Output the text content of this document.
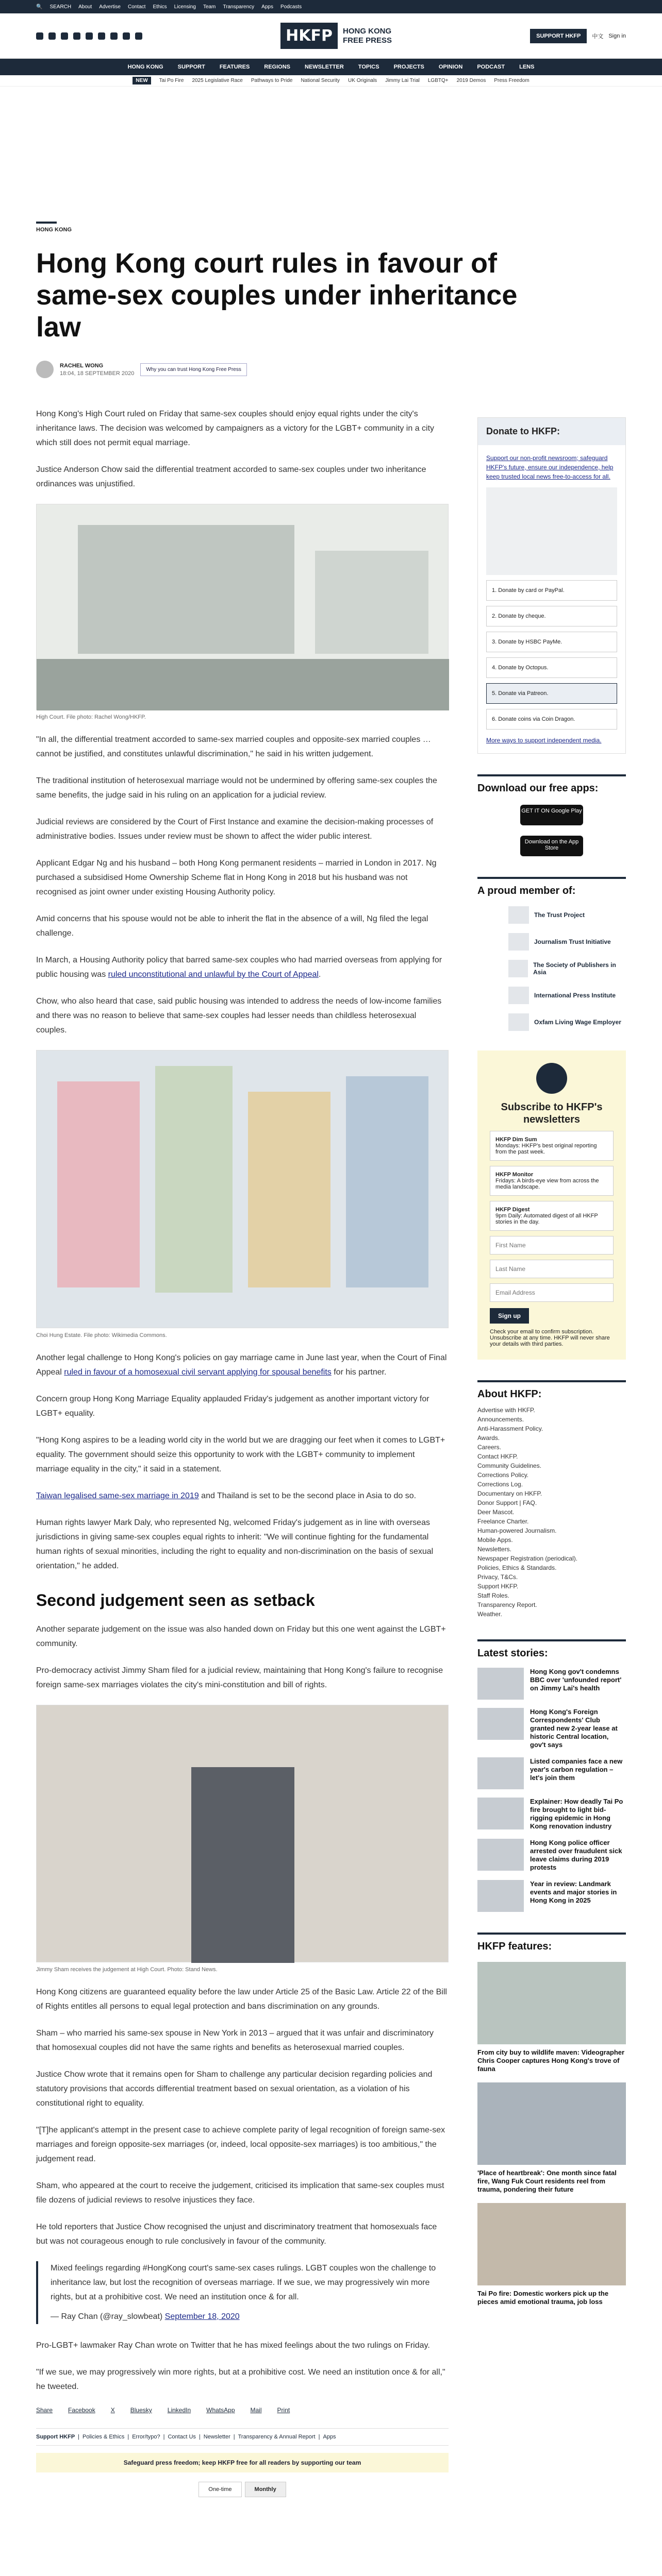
🔍 SEARCH About Advertise Contact Ethics Licensing Team Transparency Apps Podcasts
HKFP	HONG KONG
FREE PRESS	SUPPORT HKFP	中文 Sign in
HONG KONG	SUPPORT	FEATURES	REGIONS	NEWSLETTER	TOPICS	PROJECTS	OPINION	PODCAST	LENS
NEW	Tai Po Fire 2025 Legislative Race Pathways to Pride National Security UK Originals Jimmy Lai Trial LGBTQ+ 2019 Demos Press Freedom
HONG KONG
Hong Kong court rules in favour of same-sex couples under inheritance law
RACHEL WONG
18:04, 18 SEPTEMBER 2020
Why you can trust Hong Kong Free Press

Hong Kong's High Court ruled on Friday that same-sex couples should enjoy equal rights under the city's inheritance laws. The decision was welcomed by campaigners as a victory for the LGBT+ community in a city which still does not permit equal marriage.

Justice Anderson Chow said the differential treatment accorded to same-sex couples under two inheritance ordinances was unjustified.

High Court. File photo: Rachel Wong/HKFP.

"In all, the differential treatment accorded to same-sex married couples and opposite-sex married couples …cannot be justified, and constitutes unlawful discrimination," he said in his written judgement.

The traditional institution of heterosexual marriage would not be undermined by offering same-sex couples the same benefits, the judge said in his ruling on an application for a judicial review.

Judicial reviews are considered by the Court of First Instance and examine the decision-making processes of administrative bodies. Issues under review must be shown to affect the wider public interest.

Applicant Edgar Ng and his husband – both Hong Kong permanent residents – married in London in 2017. Ng purchased a subsidised Home Ownership Scheme flat in Hong Kong in 2018 but his husband was not recognised as joint owner under existing Housing Authority policy.

Amid concerns that his spouse would not be able to inherit the flat in the absence of a will, Ng filed the legal challenge.

In March, a Housing Authority policy that barred same-sex couples who had married overseas from applying for public housing was ruled unconstitutional and unlawful by the Court of Appeal.

Chow, who also heard that case, said public housing was intended to address the needs of low-income families and there was no reason to believe that same-sex couples had lesser needs than childless heterosexual couples.

Choi Hung Estate. File photo: Wikimedia Commons.

Another legal challenge to Hong Kong's policies on gay marriage came in June last year, when the Court of Final Appeal ruled in favour of a homosexual civil servant applying for spousal benefits for his partner.

Concern group Hong Kong Marriage Equality applauded Friday's judgement as another important victory for LGBT+ equality.

"Hong Kong aspires to be a leading world city in the world but we are dragging our feet when it comes to LGBT+ equality. The government should seize this opportunity to work with the LGBT+ community to implement marriage equality in the city," it said in a statement.

Taiwan legalised same-sex marriage in 2019 and Thailand is set to be the second place in Asia to do so.

Human rights lawyer Mark Daly, who represented Ng, welcomed Friday's judgement as in line with overseas jurisdictions in giving same-sex couples equal rights to inherit: "We will continue fighting for the fundamental human rights of sexual minorities, including the right to equality and non-discrimination on the basis of sexual orientation," he added.

Second judgement seen as setback

Another separate judgement on the issue was also handed down on Friday but this one went against the LGBT+ community.

Pro-democracy activist Jimmy Sham filed for a judicial review, maintaining that Hong Kong's failure to recognise foreign same-sex marriages violates the city's mini-constitution and bill of rights.

Jimmy Sham receives the judgement at High Court. Photo: Stand News.

Hong Kong citizens are guaranteed equality before the law under Article 25 of the Basic Law. Article 22 of the Bill of Rights entitles all persons to equal legal protection and bans discrimination on any grounds.

Sham – who married his same-sex spouse in New York in 2013 – argued that it was unfair and discriminatory that homosexual couples did not have the same rights and benefits as heterosexual married couples.

Justice Chow wrote that it remains open for Sham to challenge any particular decision regarding policies and statutory provisions that accords differential treatment based on sexual orientation, as a violation of his constitutional right to equality.

"[T]he applicant's attempt in the present case to achieve complete parity of legal recognition of foreign same-sex marriages and foreign opposite-sex marriages (or, indeed, local opposite-sex marriages) is too ambitious," the judgement read.

Sham, who appeared at the court to receive the judgement, criticised its implication that same-sex couples must file dozens of judicial reviews to resolve injustices they face.

He told reporters that Justice Chow recognised the unjust and discriminatory treatment that homosexuals face but was not courageous enough to rule conclusively in favour of the community.

Mixed feelings regarding #HongKong court's same-sex cases rulings. LGBT couples won the challenge to inheritance law, but lost the recognition of overseas marriage. If we sue, we may progressively win more rights, but at a prohibitive cost. We need an institution once & for all.

— Ray Chan (@ray_slowbeat) September 18, 2020

Pro-LGBT+ lawmaker Ray Chan wrote on Twitter that he has mixed feelings about the two rulings on Friday.

"If we sue, we may progressively win more rights, but at a prohibitive cost. We need an institution once & for all," he tweeted.

Share	Facebook	X	Bluesky	LinkedIn	WhatsApp	Mail	Print
Support HKFP | Policies & Ethics | Error/typo? | Contact Us | Newsletter | Transparency & Annual Report | Apps
Safeguard press freedom; keep HKFP free for all readers by supporting our team
One-time	Monthly
Donate to HKFP:
Support our non-profit newsroom; safeguard HKFP's future, ensure our independence, help keep trusted local news free-to-access for all.
1. Donate by card or PayPal.
2. Donate by cheque.
3. Donate by HSBC PayMe.
4. Donate by Octopus.
5. Donate via Patreon.
6. Donate coins via Coin Dragon.
More ways to support independent media.
Download our free apps:
GET IT ON Google Play
Download on the App Store
A proud member of:
The Trust Project
Journalism Trust Initiative
The Society of Publishers in Asia
International Press Institute
Oxfam Living Wage Employer
Subscribe to HKFP's newsletters
HKFP Dim Sum
Mondays: HKFP's best original reporting from the past week.
HKFP Monitor
Fridays: A birds-eye view from across the media landscape.
HKFP Digest
9pm Daily: Automated digest of all HKFP stories in the day.
First Name Last Name Email Address
Sign up
Check your email to confirm subscription. Unsubscribe at any time. HKFP will never share your details with third parties.
About HKFP:
Advertise with HKFP.
Announcements.
Anti-Harassment Policy.
Awards.
Careers.
Contact HKFP.
Community Guidelines.
Corrections Policy.
Corrections Log.
Documentary on HKFP.
Donor Support | FAQ.
Deer Mascot.
Freelance Charter.
Human-powered Journalism.
Mobile Apps.
Newsletters.
Newspaper Registration (periodical).
Policies, Ethics & Standards.
Privacy, T&Cs.
Support HKFP.
Staff Roles.
Transparency Report.
Weather.
Latest stories:
Hong Kong gov't condemns BBC over 'unfounded report' on Jimmy Lai's health
Hong Kong's Foreign Correspondents' Club granted new 2-year lease at historic Central location, gov't says
Listed companies face a new year's carbon regulation – let's join them
Explainer: How deadly Tai Po fire brought to light bid-rigging epidemic in Hong Kong renovation industry
Hong Kong police officer arrested over fraudulent sick leave claims during 2019 protests
Year in review: Landmark events and major stories in Hong Kong in 2025
HKFP features:
From city buy to wildlife maven: Videographer Chris Cooper captures Hong Kong's trove of fauna
'Place of heartbreak': One month since fatal fire, Wang Fuk Court residents reel from trauma, pondering their future
Tai Po fire: Domestic workers pick up the pieces amid emotional trauma, job loss
